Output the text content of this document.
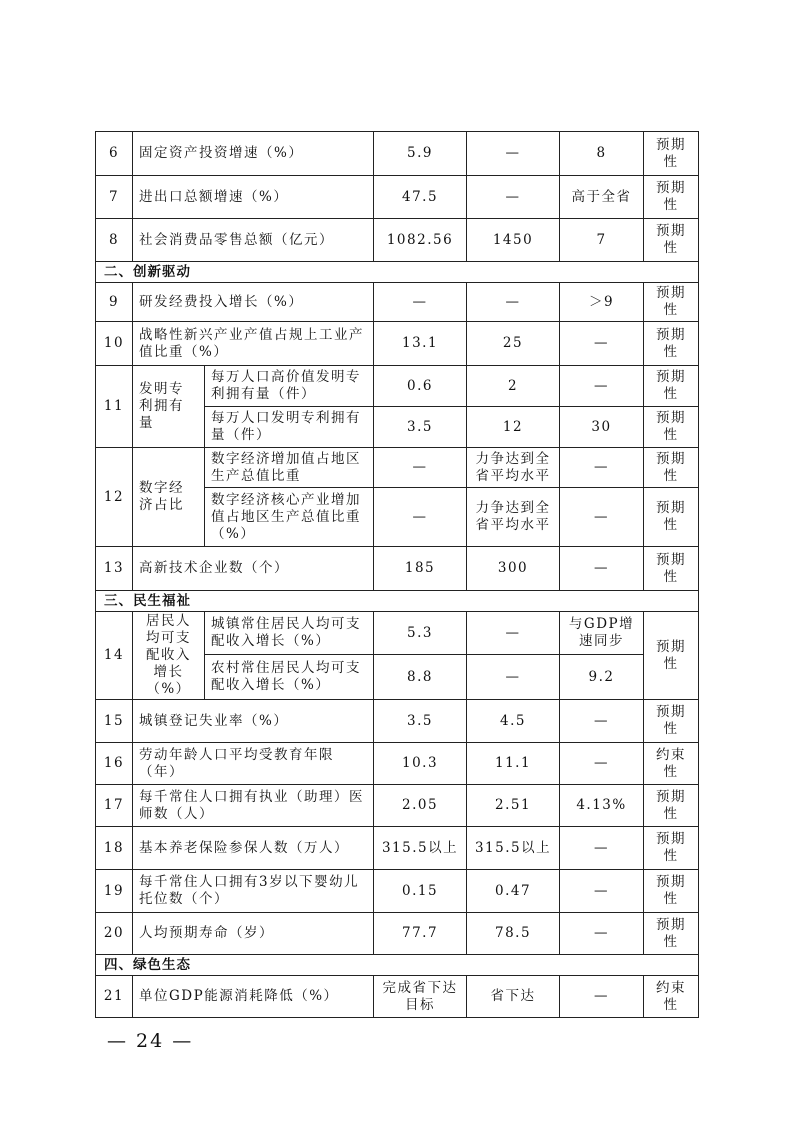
6	固定资产投资增速（%）		5.9	—	8	预期性
7	进出口总额增速（%）		47.5	—	高于全省	预期性
8	社会消费品零售总额（亿元）		1082.56	1450	7	预期性
二、创新驱动						
9	研发经费投入增长（%）		—	—	＞9	预期性
10	战略性新兴产业产值占规上工业产值比重（%）		13.1	25	—	预期性
11	发明专利拥有量	每万人口高价值发明专利拥有量（件）	0.6	2	—	预期性
		每万人口发明专利拥有量（件）	3.5	12	30	预期性
12	数字经济占比	数字经济增加值占地区生产总值比重	—	力争达到全省平均水平	—	预期性
		数字经济核心产业增加值占地区生产总值比重（%）	—	力争达到全省平均水平	—	预期性
13	高新技术企业数（个）		185	300	—	预期性
三、民生福祉						
14	居民人均可支配收入增长（%）	城镇常住居民人均可支配收入增长（%）	5.3	—	与GDP增速同步	预期性
		农村常住居民人均可支配收入增长（%）	8.8	—	9.2	
15	城镇登记失业率（%）		3.5	4.5	—	预期性
16	劳动年龄人口平均受教育年限（年）		10.3	11.1	—	约束性
17	每千常住人口拥有执业（助理）医师数（人）		2.05	2.51	4.13%	预期性
18	基本养老保险参保人数（万人）		315.5以上	315.5以上	—	预期性
19	每千常住人口拥有3岁以下婴幼儿托位数（个）		0.15	0.47	—	预期性
20	人均预期寿命（岁）		77.7	78.5	—	预期性
四、绿色生态						
21	单位GDP能源消耗降低（%）		完成省下达目标	省下达	—	约束性
— 24 —
